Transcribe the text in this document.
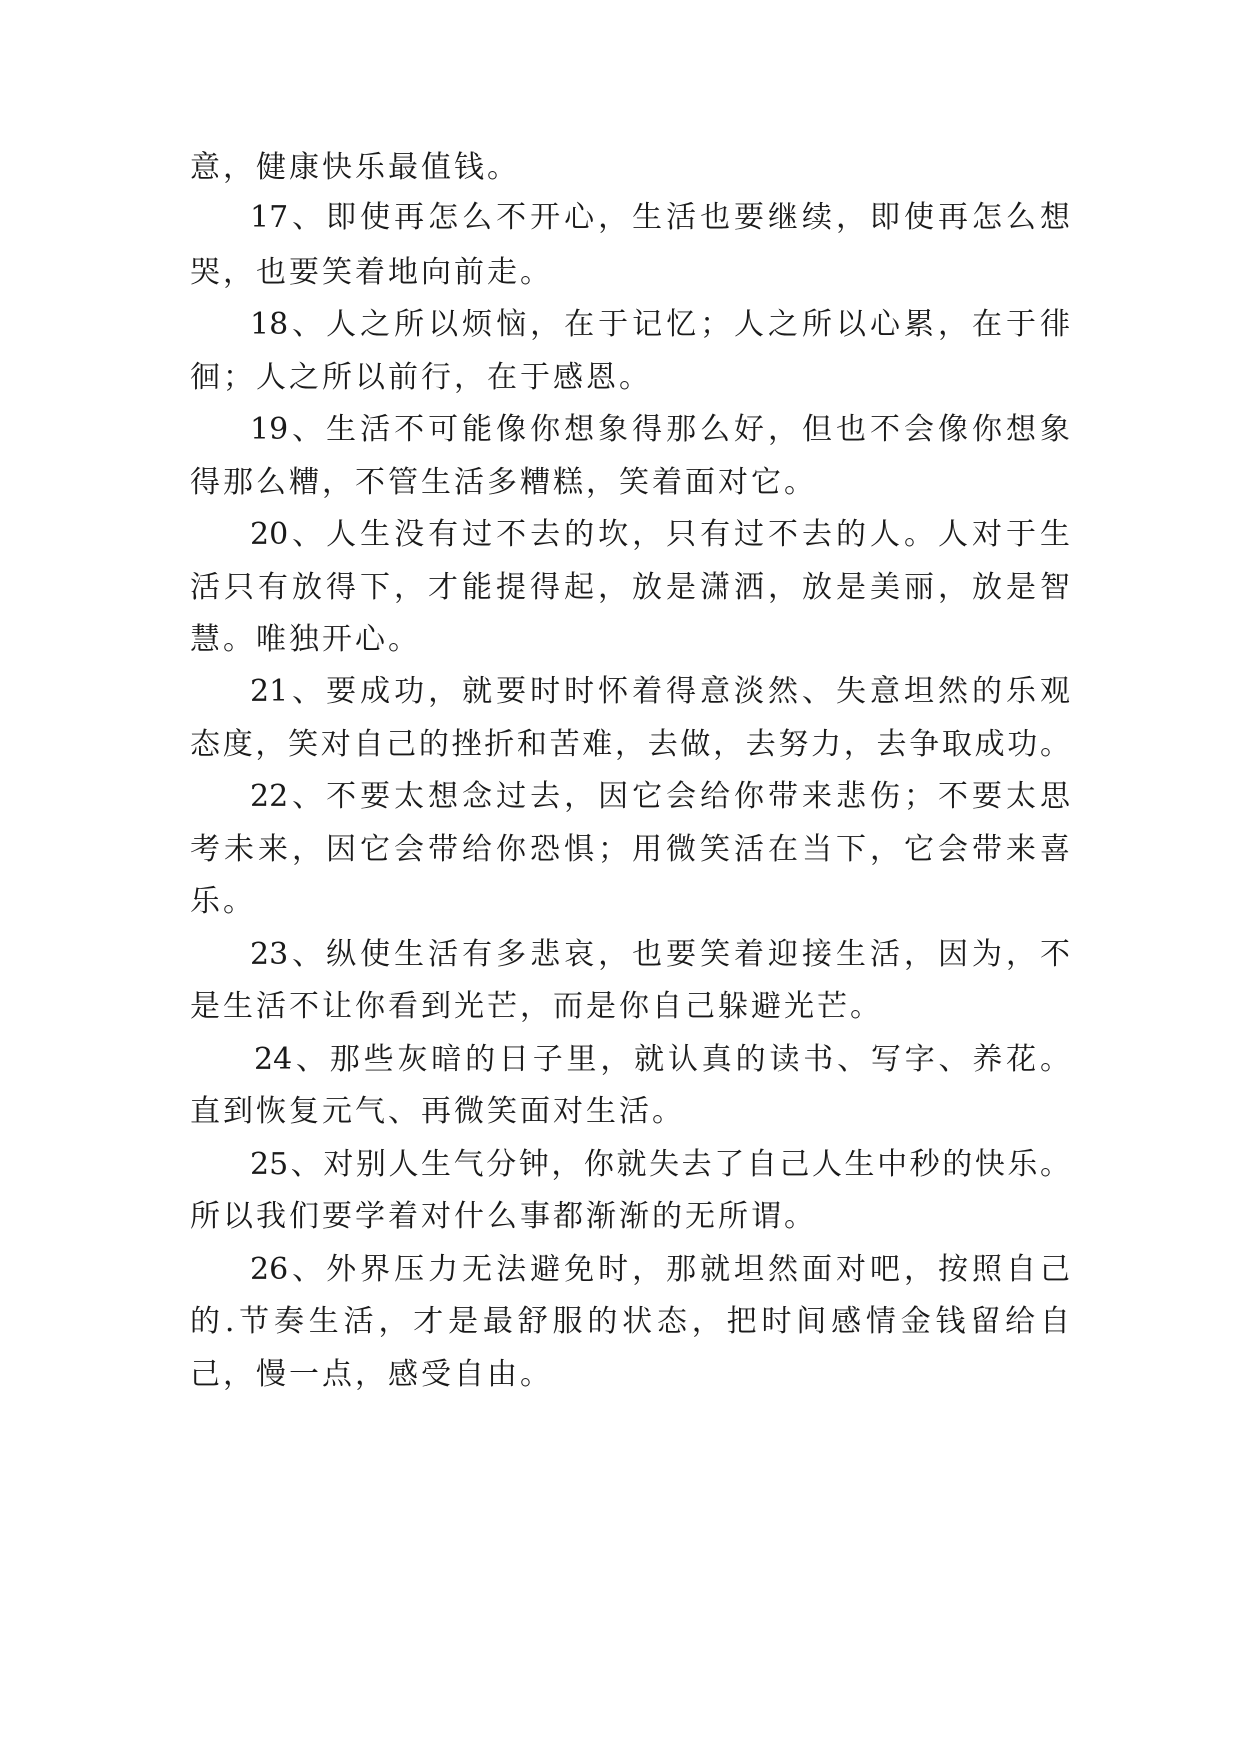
意，健康快乐最值钱。

17、即使再怎么不开心，生活也要继续，即使再怎么想

哭，也要笑着地向前走。

18、人之所以烦恼，在于记忆；人之所以心累，在于徘

徊；人之所以前行，在于感恩。

19、生活不可能像你想象得那么好，但也不会像你想象

得那么糟，不管生活多糟糕，笑着面对它。

20、人生没有过不去的坎，只有过不去的人。人对于生

活只有放得下，才能提得起，放是潇洒，放是美丽，放是智

慧。唯独开心。

21、要成功，就要时时怀着得意淡然、失意坦然的乐观

态度，笑对自己的挫折和苦难，去做，去努力，去争取成功。

22、不要太想念过去，因它会给你带来悲伤；不要太思

考未来，因它会带给你恐惧；用微笑活在当下，它会带来喜

乐。

23、纵使生活有多悲哀，也要笑着迎接生活，因为，不

是生活不让你看到光芒，而是你自己躲避光芒。

24、那些灰暗的日子里，就认真的读书、写字、养花。

直到恢复元气、再微笑面对生活。

25、对别人生气分钟，你就失去了自己人生中秒的快乐。

所以我们要学着对什么事都渐渐的无所谓。

26、外界压力无法避免时，那就坦然面对吧，按照自己

的.节奏生活，才是最舒服的状态，把时间感情金钱留给自

己，慢一点，感受自由。
